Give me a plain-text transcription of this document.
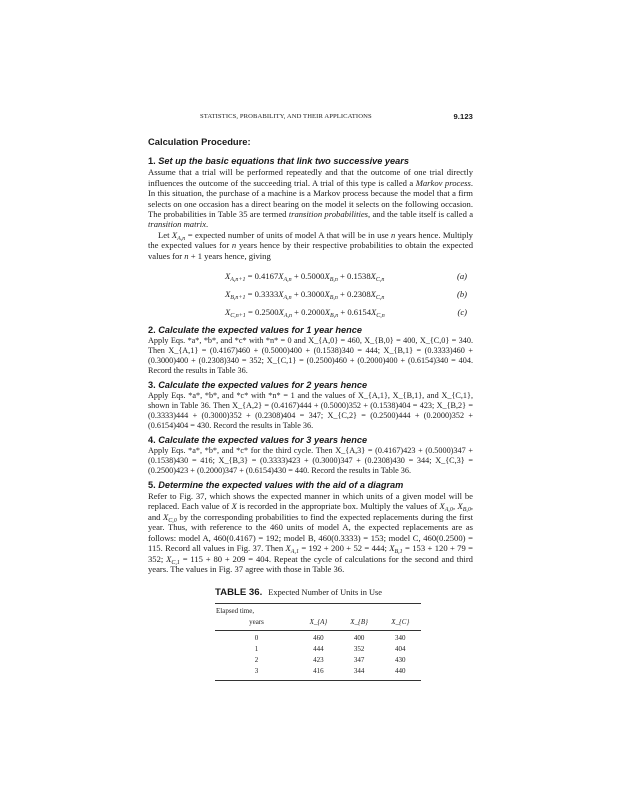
STATISTICS, PROBABILITY, AND THEIR APPLICATIONS	9.123
Calculation Procedure:
1. Set up the basic equations that link two successive years

Assume that a trial will be performed repeatedly and that the outcome of one trial directly influences the outcome of the succeeding trial. A trial of this type is called a Markov process. In this situation, the purchase of a machine is a Markov process because the model that a firm selects on one occasion has a direct bearing on the model it selects on the following occasion. The probabilities in Table 35 are termed transition probabilities, and the table itself is called a transition matrix.

Let $X_{A,n}$ = expected number of units of model A that will be in use n years hence. Multiply the expected values for n years hence by their respective probabilities to obtain the expected values for n + 1 years hence, giving

$X_{A,n+1} = 0.4167X_{A,n} + 0.5000X_{B,n} + 0.1538X_{C,n}$	(a)
$X_{B,n+1} = 0.3333X_{A,n} + 0.3000X_{B,n} + 0.2308X_{C,n}$	(b)
$X_{C,n+1} = 0.2500X_{A,n} + 0.2000X_{B,n} + 0.6154X_{C,n}$	(c)
2. Calculate the expected values for 1 year hence

Apply Eqs. *a*, *b*, and *c* with *n* = 0 and X_{A,0} = 460, X_{B,0} = 400, X_{C,0} = 340. Then X_{A,1} = (0.4167)460 + (0.5000)400 + (0.1538)340 = 444; X_{B,1} = (0.3333)460 + (0.3000)400 + (0.2308)340 = 352; X_{C,1} = (0.2500)460 + (0.2000)400 + (0.6154)340 = 404. Record the results in Table 36.

3. Calculate the expected values for 2 years hence

Apply Eqs. *a*, *b*, and *c* with *n* = 1 and the values of X_{A,1}, X_{B,1}, and X_{C,1}, shown in Table 36. Then X_{A,2} = (0.4167)444 + (0.5000)352 + (0.1538)404 = 423; X_{B,2} = (0.3333)444 + (0.3000)352 + (0.2308)404 = 347; X_{C,2} = (0.2500)444 + (0.2000)352 + (0.6154)404 = 430. Record the results in Table 36.

4. Calculate the expected values for 3 years hence

Apply Eqs. *a*, *b*, and *c* for the third cycle. Then X_{A,3} = (0.4167)423 + (0.5000)347 + (0.1538)430 = 416; X_{B,3} = (0.3333)423 + (0.3000)347 + (0.2308)430 = 344; X_{C,3} = (0.2500)423 + (0.2000)347 + (0.6154)430 = 440. Record the results in Table 36.

5. Determine the expected values with the aid of a diagram

Refer to Fig. 37, which shows the expected manner in which units of a given model will be replaced. Each value of X is recorded in the appropriate box. Multiply the values of $X_{A,0}$, $X_{B,0}$, and $X_{C,0}$ by the corresponding probabilities to find the expected replacements during the first year. Thus, with reference to the 460 units of model A, the expected replacements are as follows: model A, 460(0.4167) = 192; model B, 460(0.3333) = 153; model C, 460(0.2500) = 115. Record all values in Fig. 37. Then $X_{A,1} = 192 + 200 + 52 = 444$; $X_{B,1} = 153 + 120 + 79 = 352$; $X_{C,1} = 115 + 80 + 209 = 404$. Repeat the cycle of calculations for the second and third years. The values in Fig. 37 agree with those in Table 36.

TABLE 36. Expected Number of Units in Use
Elapsed time,			
years	X_{A}	X_{B}	X_{C}
0	460	400	340
1	444	352	404
2	423	347	430
3	416	344	440
